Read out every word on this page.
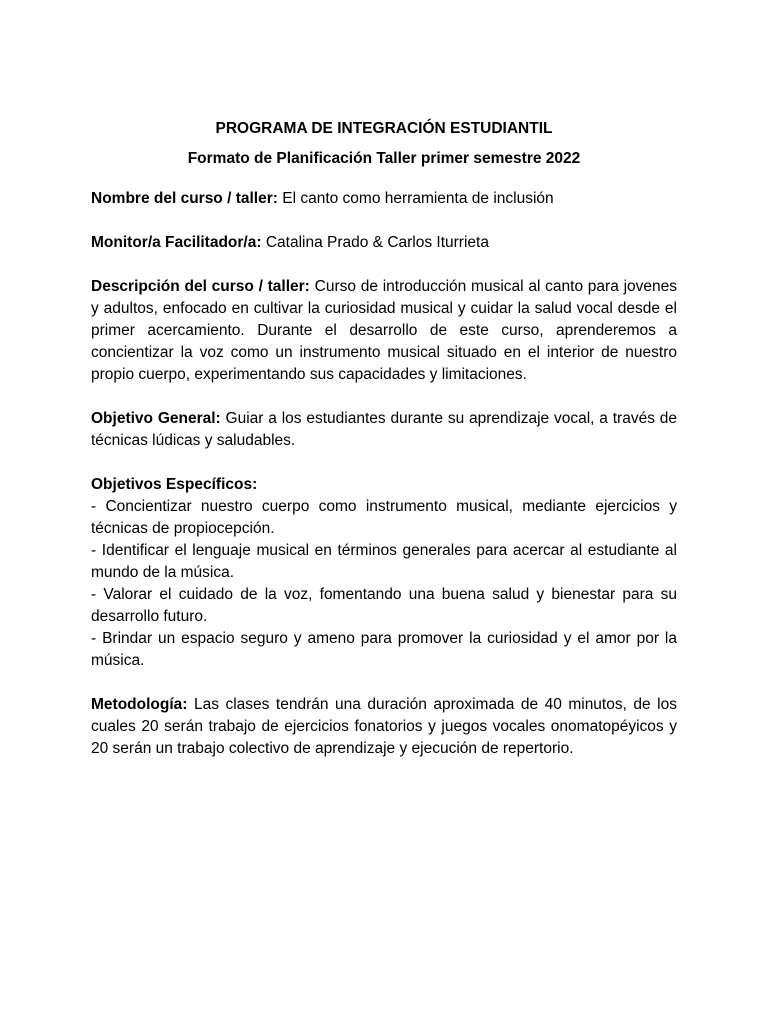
PROGRAMA DE INTEGRACIÓN ESTUDIANTIL

Formato de Planificación Taller primer semestre 2022

Nombre del curso / taller: El canto como herramienta de inclusión

Monitor/a Facilitador/a: Catalina Prado & Carlos Iturrieta

Descripción del curso / taller: Curso de introducción musical al canto para jovenes y adultos, enfocado en cultivar la curiosidad musical y cuidar la salud vocal desde el primer acercamiento. Durante el desarrollo de este curso, aprenderemos a concientizar la voz como un instrumento musical situado en el interior de nuestro propio cuerpo, experimentando sus capacidades y limitaciones.

Objetivo General: Guiar a los estudiantes durante su aprendizaje vocal, a través de técnicas lúdicas y saludables.

Objetivos Específicos:

- Concientizar nuestro cuerpo como instrumento musical, mediante ejercicios y técnicas de propiocepción.

- Identificar el lenguaje musical en términos generales para acercar al estudiante al mundo de la música.

- Valorar el cuidado de la voz, fomentando una buena salud y bienestar para su desarrollo futuro.

- Brindar un espacio seguro y ameno para promover la curiosidad y el amor por la música.

Metodología: Las clases tendrán una duración aproximada de 40 minutos, de los cuales 20 serán trabajo de ejercicios fonatorios y juegos vocales onomatopéyicos y 20 serán un trabajo colectivo de aprendizaje y ejecución de repertorio.
